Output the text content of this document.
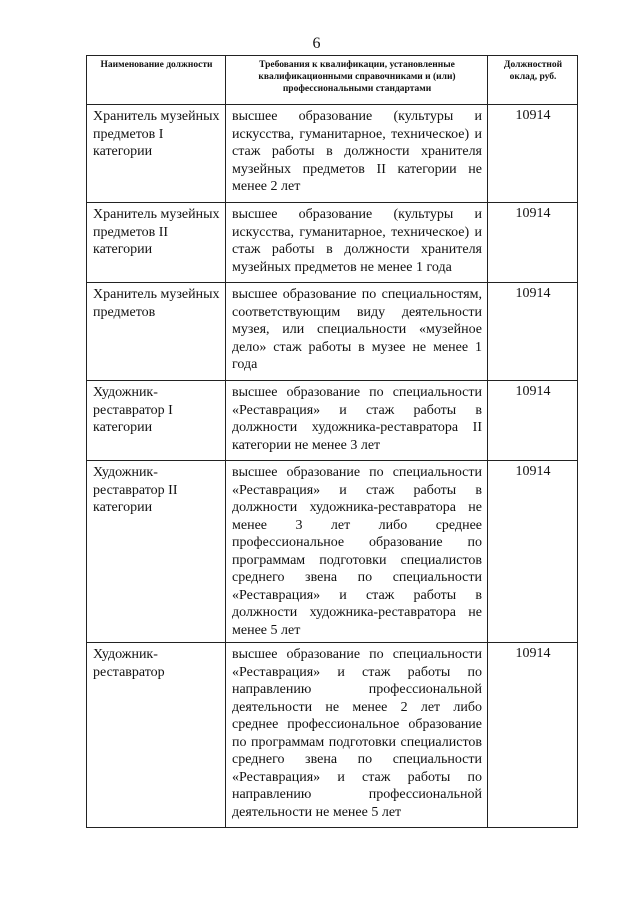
6
Наименование должности	Требования к квалификации, установленные квалификационными справочниками и (или) профессиональными стандартами	Должностной оклад, руб.
Хранитель музейных предметов I категории	высшее образование (культуры и искусства, гуманитарное, техническое) и стаж работы в должности хранителя музейных предметов II категории не менее 2 лет	10914
Хранитель музейных предметов II категории	высшее образование (культуры и искусства, гуманитарное, техническое) и стаж работы в должности хранителя музейных предметов не менее 1 года	10914
Хранитель музейных предметов	высшее образование по специальностям, соответствующим виду деятельности музея, или специальности «музейное дело» стаж работы в музее не менее 1 года	10914
Художник-реставратор I категории	высшее образование по специальности «Реставрация» и стаж работы в должности художника-реставратора II категории не менее 3 лет	10914
Художник-реставратор II категории	высшее образование по специальности «Реставрация» и стаж работы в должности художника-реставратора не менее 3 лет либо среднее профессиональное образование по программам подготовки специалистов среднего звена по специальности «Реставрация» и стаж работы в должности художника-реставратора не менее 5 лет	10914
Художник-реставратор	высшее образование по специальности «Реставрация» и стаж работы по направлению профессиональной деятельности не менее 2 лет либо среднее профессиональное образование по программам подготовки специалистов среднего звена по специальности «Реставрация» и стаж работы по направлению профессиональной деятельности не менее 5 лет	10914
